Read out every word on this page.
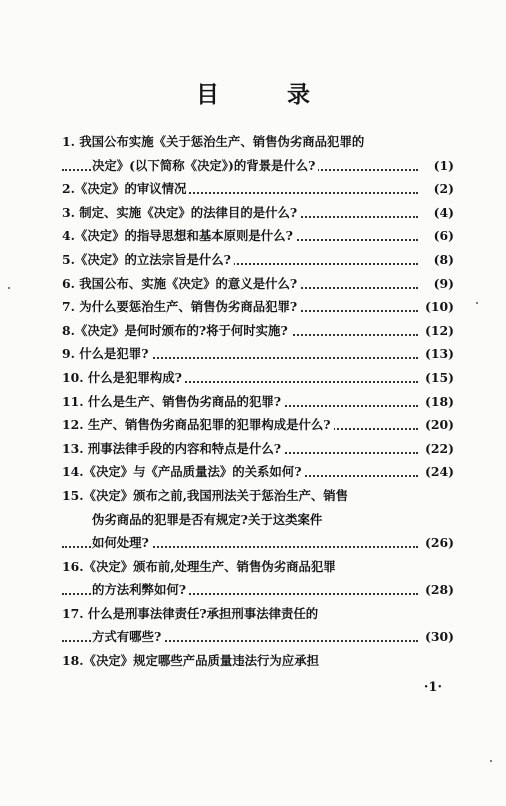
目 录
1. 我国公布实施《关于惩治生产、销售伪劣商品犯罪的
决定》(以下简称《决定》)的背景是什么?	(1)
2.《决定》的审议情况	(2)
3. 制定、实施《决定》的法律目的是什么?	(4)
4.《决定》的指导思想和基本原则是什么?	(6)
5.《决定》的立法宗旨是什么?	(8)
6. 我国公布、实施《决定》的意义是什么?	(9)
7. 为什么要惩治生产、销售伪劣商品犯罪?	(10)
8.《决定》是何时颁布的?将于何时实施?	(12)
9. 什么是犯罪?	(13)
10. 什么是犯罪构成?	(15)
11. 什么是生产、销售伪劣商品的犯罪?	(18)
12. 生产、销售伪劣商品犯罪的犯罪构成是什么?	(20)
13. 刑事法律手段的内容和特点是什么?	(22)
14.《决定》与《产品质量法》的关系如何?	(24)
15.《决定》颁布之前,我国刑法关于惩治生产、销售
伪劣商品的犯罪是否有规定?关于这类案件
如何处理?	(26)
16.《决定》颁布前,处理生产、销售伪劣商品犯罪
的方法利弊如何?	(28)
17. 什么是刑事法律责任?承担刑事法律责任的
方式有哪些?	(30)
18.《决定》规定哪些产品质量违法行为应承担
·1·
